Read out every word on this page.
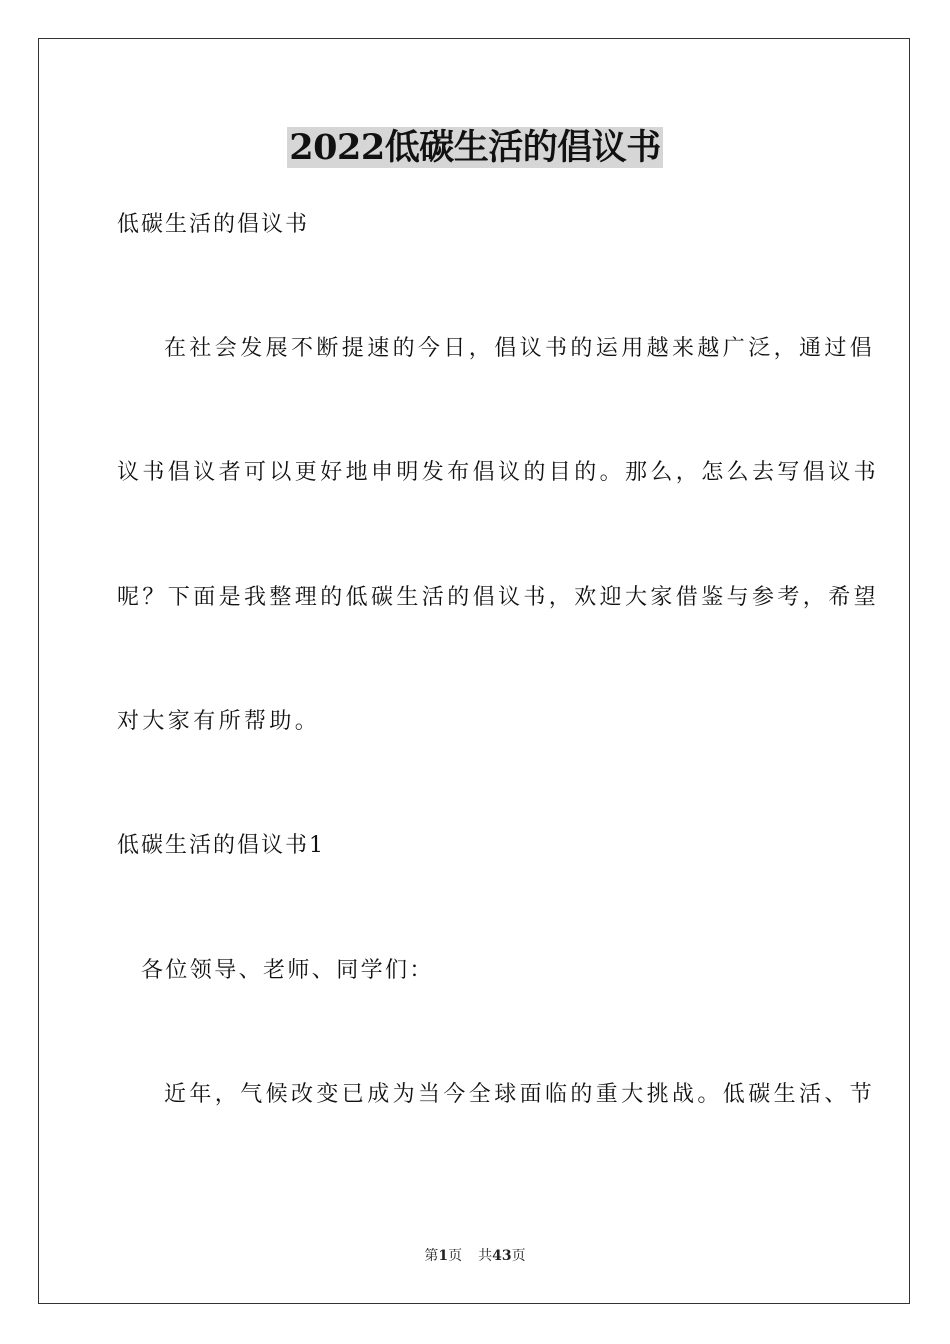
2022低碳生活的倡议书
低碳生活的倡议书
在社会发展不断提速的今日，倡议书的运用越来越广泛，通过倡
议书倡议者可以更好地申明发布倡议的目的。那么，怎么去写倡议书
呢？下面是我整理的低碳生活的倡议书，欢迎大家借鉴与参考，希望
对大家有所帮助。
低碳生活的倡议书1
各位领导、老师、同学们：
近年，气候改变已成为当今全球面临的重大挑战。低碳生活、节
第1页 共43页
